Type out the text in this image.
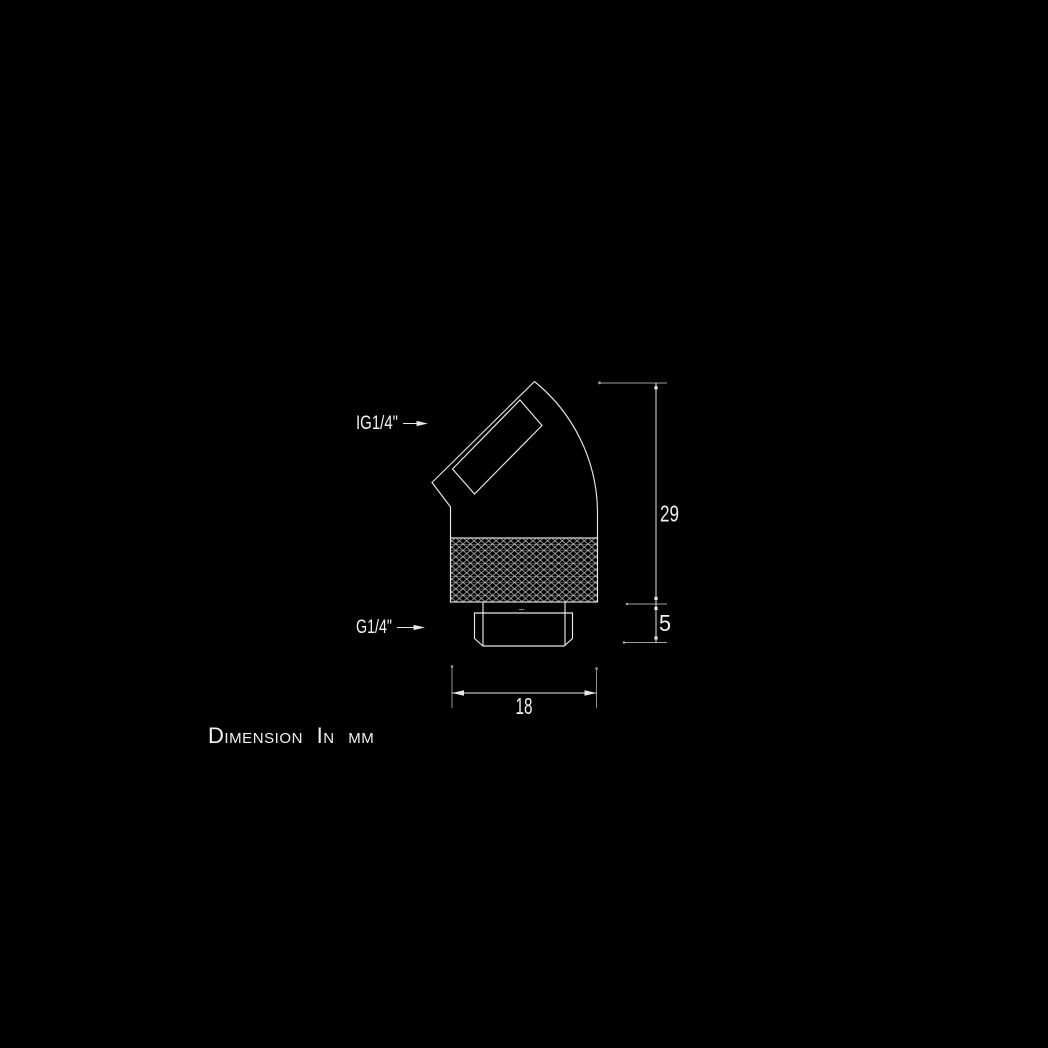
29
5
18
IG1/4"
G1/4"
Dimension In mm
